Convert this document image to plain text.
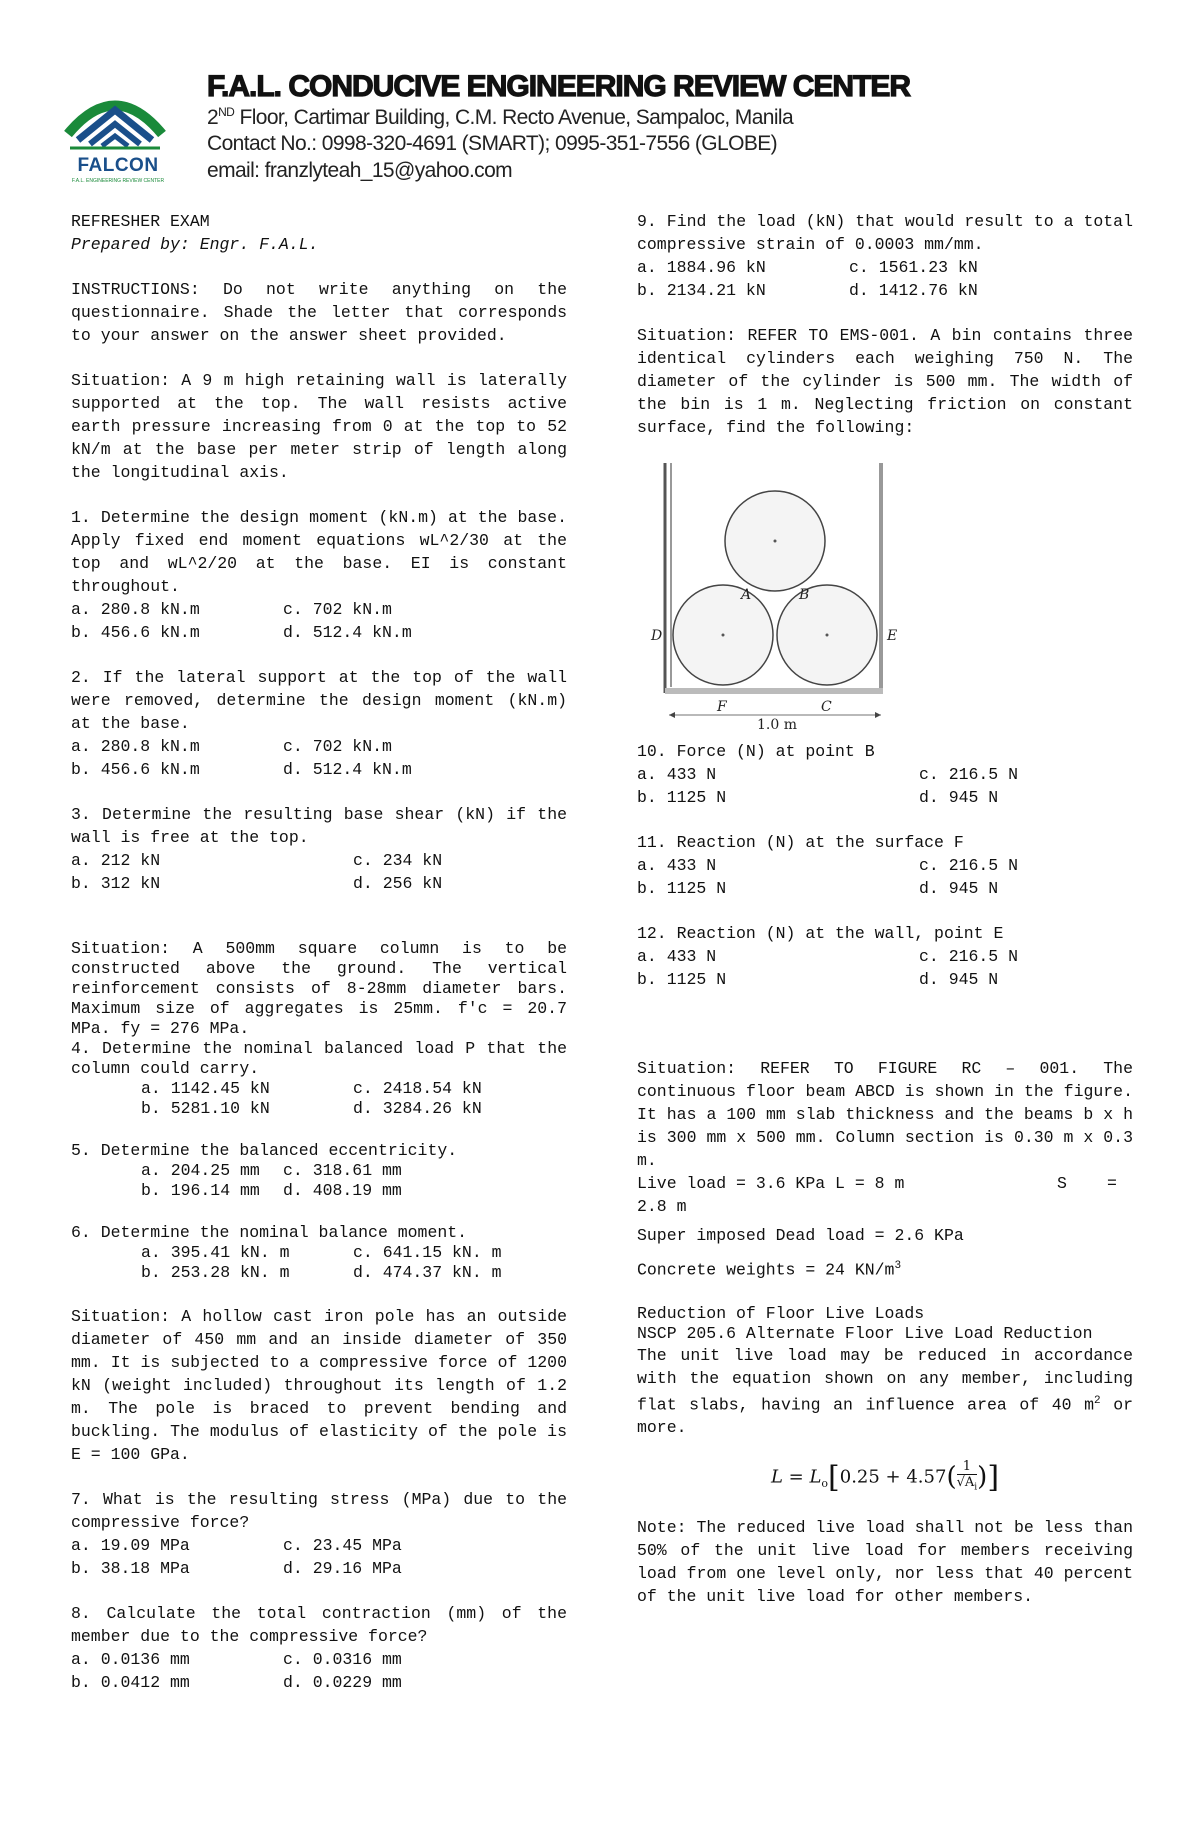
FALCON
F.A.L. ENGINEERING REVIEW CENTER
F.A.L. CONDUCIVE ENGINEERING REVIEW CENTER
2ND Floor, Cartimar Building, C.M. Recto Avenue, Sampaloc, Manila
Contact No.: 0998-320-4691 (SMART); 0995-351-7556 (GLOBE)
email: franzlyteah_15@yahoo.com

REFRESHER EXAM

Prepared by: Engr. F.A.L.

INSTRUCTIONS: Do not write anything on the questionnaire. Shade the letter that corresponds to your answer on the answer sheet provided.

Situation: A 9 m high retaining wall is laterally supported at the top. The wall resists active earth pressure increasing from 0 at the top to 52 kN/m at the base per meter strip of length along the longitudinal axis.

1. Determine the design moment (kN.m) at the base. Apply fixed end moment equations wL^2/30 at the top and wL^2/20 at the base. EI is constant throughout.

a. 280.8 kN.m	c. 702 kN.m
b. 456.6 kN.m	d. 512.4 kN.m

2. If the lateral support at the top of the wall were removed, determine the design moment (kN.m) at the base.

a. 280.8 kN.m	c. 702 kN.m
b. 456.6 kN.m	d. 512.4 kN.m

3. Determine the resulting base shear (kN) if the wall is free at the top.

a. 212 kN	c. 234 kN
b. 312 kN	d. 256 kN

Situation: A 500mm square column is to be constructed above the ground. The vertical reinforcement consists of 8-28mm diameter bars. Maximum size of aggregates is 25mm. f'c = 20.7 MPa. fy = 276 MPa.

4. Determine the nominal balanced load P that the column could carry.

a. 1142.45 kN	c. 2418.54 kN
b. 5281.10 kN	d. 3284.26 kN

5. Determine the balanced eccentricity.

a. 204.25 mm	c. 318.61 mm
b. 196.14 mm	d. 408.19 mm

6. Determine the nominal balance moment.

a. 395.41 kN. m	c. 641.15 kN. m
b. 253.28 kN. m	d. 474.37 kN. m

Situation: A hollow cast iron pole has an outside diameter of 450 mm and an inside diameter of 350 mm. It is subjected to a compressive force of 1200 kN (weight included) throughout its length of 1.2 m. The pole is braced to prevent bending and buckling. The modulus of elasticity of the pole is E = 100 GPa.

7. What is the resulting stress (MPa) due to the compressive force?

a. 19.09 MPa	c. 23.45 MPa
b. 38.18 MPa	d. 29.16 MPa

8. Calculate the total contraction (mm) of the member due to the compressive force?

a. 0.0136 mm	c. 0.0316 mm
b. 0.0412 mm	d. 0.0229 mm

9. Find the load (kN) that would result to a total compressive strain of 0.0003 mm/mm.

a. 1884.96 kN	c. 1561.23 kN
b. 2134.21 kN	d. 1412.76 kN

Situation: REFER TO EMS-001. A bin contains three identical cylinders each weighing 750 N. The diameter of the cylinder is 500 mm. The width of the bin is 1 m. Neglecting friction on constant surface, find the following:

A	B
D	E
F	C
1.0 m

10. Force (N) at point B

a. 433 N	c. 216.5 N
b. 1125 N	d. 945 N

11. Reaction (N) at the surface F

a. 433 N	c. 216.5 N
b. 1125 N	d. 945 N

12. Reaction (N) at the wall, point E

a. 433 N	c. 216.5 N
b. 1125 N	d. 945 N

Situation: REFER TO FIGURE RC – 001. The continuous floor beam ABCD is shown in the figure. It has a 100 mm slab thickness and the beams b x h is 300 mm x 500 mm. Column section is 0.30 m x 0.3 m.

Live load = 3.6 KPa L = 8 m	S	=

2.8 m

Super imposed Dead load = 2.6 KPa

Concrete weights = 24 $KN/m^3$

Reduction of Floor Live Loads

NSCP 205.6 Alternate Floor Live Load Reduction

The unit live load may be reduced in accordance with the equation shown on any member, including flat slabs, having an influence area of 40 $m^2$ or more.

$L = L_o[0.25 + 4.57( \frac{1}{√A_i}$ )]

Note: The reduced live load shall not be less than 50% of the unit live load for members receiving load from one level only, nor less that 40 percent of the unit live load for other members.
